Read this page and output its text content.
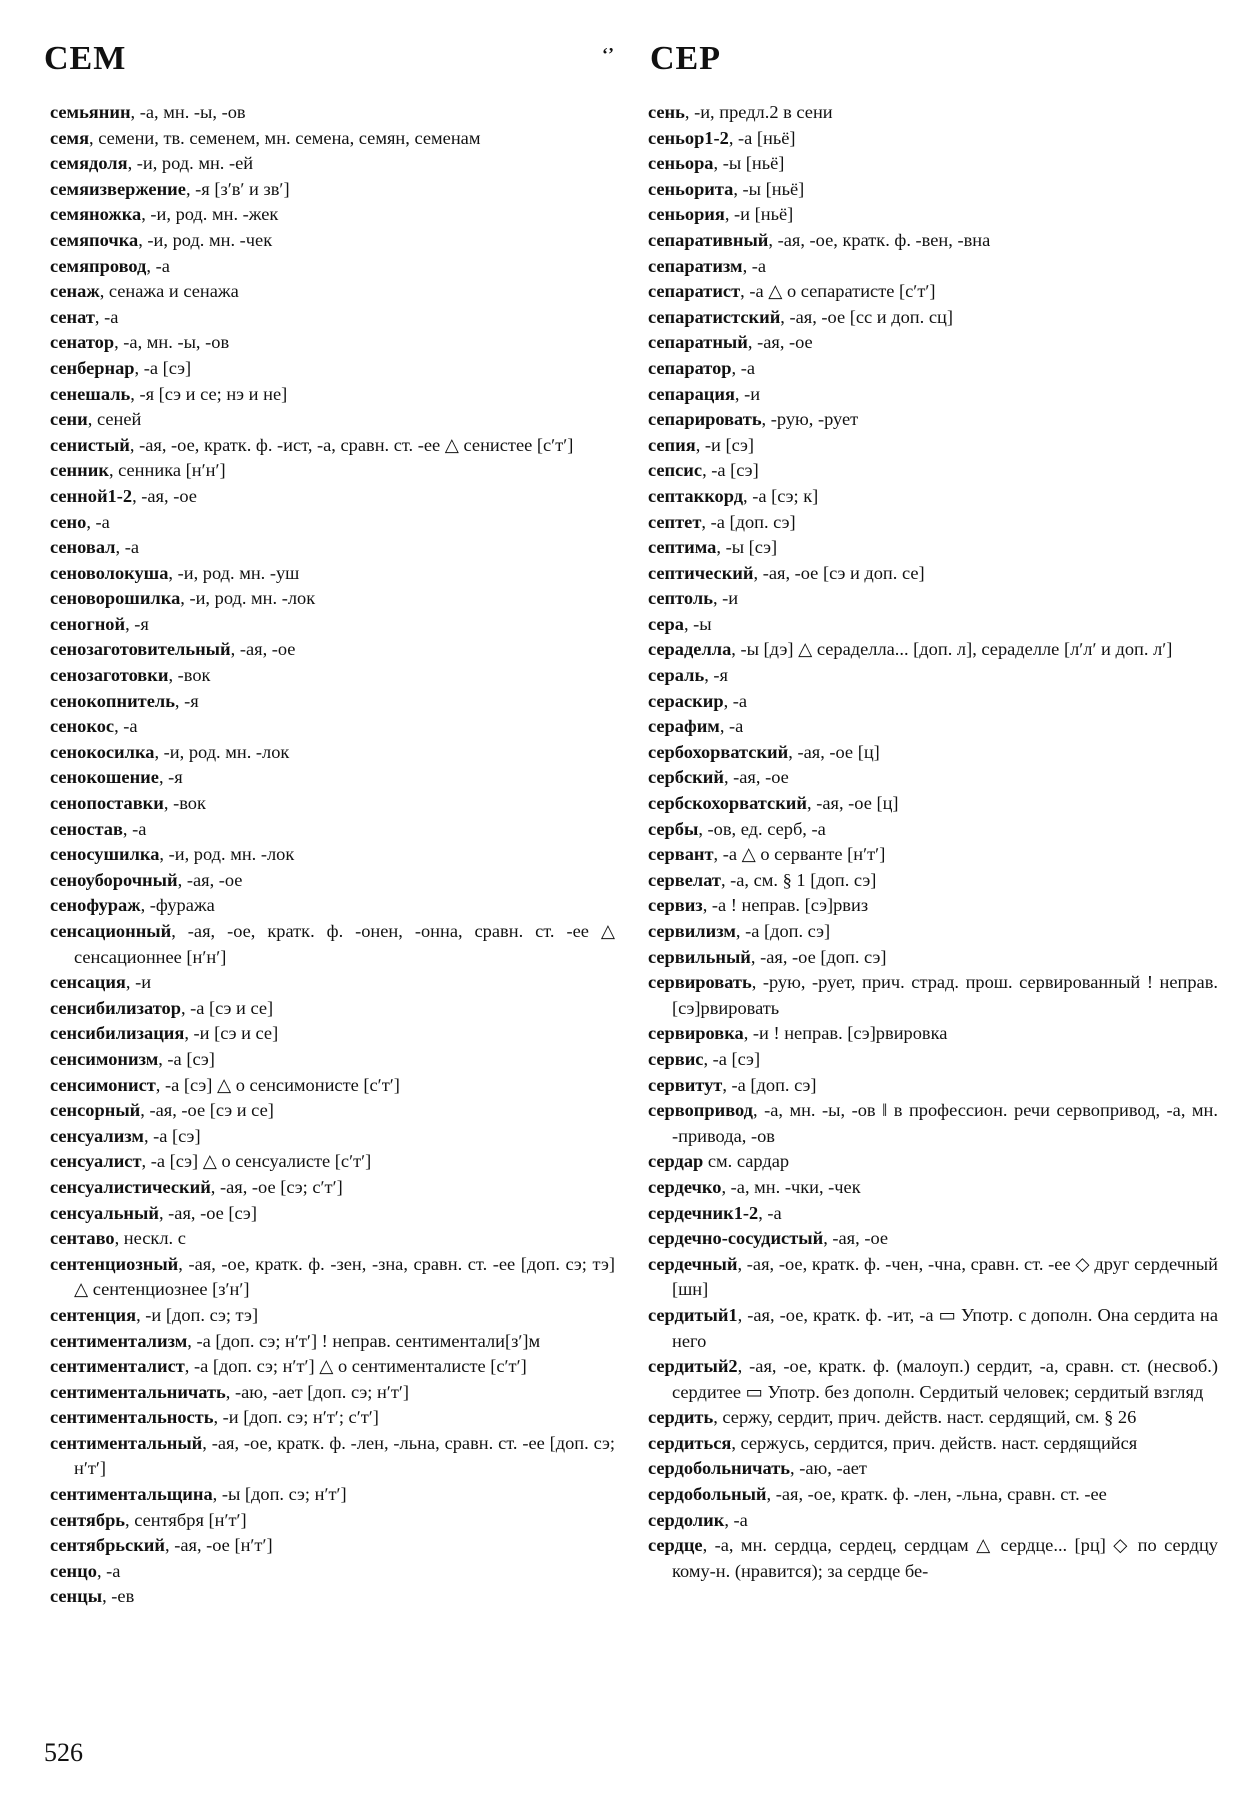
СЕМ	‘’ СЕР

семьянин, -а, мн. -ы, -ов

семя, семени, тв. семенем, мн. семена, семян, семенам

семядоля, -и, род. мн. -ей

семяизвержение, -я [зʹвʹ и звʹ]

семяножка, -и, род. мн. -жек

семяпочка, -и, род. мн. -чек

семяпровод, -а

сенаж, сенажа и сенажа

сенат, -а

сенатор, -а, мн. -ы, -ов

сенбернар, -а [сэ]

сенешаль, -я [сэ и се; нэ и не]

сени, сеней

сенистый, -ая, -ое, кратк. ф. -ист, -а, сравн. ст. -ее △ сенистее [сʹтʹ]

сенник, сенника [нʹнʹ]

сенной1-2, -ая, -ое

сено, -а

сеновал, -а

сеноволокуша, -и, род. мн. -уш

сеноворошилка, -и, род. мн. -лок

сеногной, -я

сенозаготовительный, -ая, -ое

сенозаготовки, -вок

сенокопнитель, -я

сенокос, -а

сенокосилка, -и, род. мн. -лок

сенокошение, -я

сенопоставки, -вок

сеностав, -а

сеносушилка, -и, род. мн. -лок

сеноуборочный, -ая, -ое

сенофураж, -фуража

сенсационный, -ая, -ое, кратк. ф. -онен, -онна, сравн. ст. -ее △ сенсационнее [нʹнʹ]

сенсация, -и

сенсибилизатор, -а [сэ и се]

сенсибилизация, -и [сэ и се]

сенсимонизм, -а [сэ]

сенсимонист, -а [сэ] △ о сенсимонисте [сʹтʹ]

сенсорный, -ая, -ое [сэ и се]

сенсуализм, -а [сэ]

сенсуалист, -а [сэ] △ о сенсуалисте [сʹтʹ]

сенсуалистический, -ая, -ое [сэ; сʹтʹ]

сенсуальный, -ая, -ое [сэ]

сентаво, нескл. с

сентенциозный, -ая, -ое, кратк. ф. -зен, -зна, сравн. ст. -ее [доп. сэ; тэ] △ сентенциознее [зʹнʹ]

сентенция, -и [доп. сэ; тэ]

сентиментализм, -а [доп. сэ; нʹтʹ] ! неправ. сентиментали[зʹ]м

сентименталист, -а [доп. сэ; нʹтʹ] △ о сентименталисте [сʹтʹ]

сентиментальничать, -аю, -ает [доп. сэ; нʹтʹ]

сентиментальность, -и [доп. сэ; нʹтʹ; сʹтʹ]

сентиментальный, -ая, -ое, кратк. ф. -лен, -льна, сравн. ст. -ее [доп. сэ; нʹтʹ]

сентиментальщина, -ы [доп. сэ; нʹтʹ]

сентябрь, сентября [нʹтʹ]

сентябрьский, -ая, -ое [нʹтʹ]

сенцо, -а

сенцы, -ев

сень, -и, предл.2 в сени

сеньор1-2, -а [ньё]

сеньора, -ы [ньё]

сеньорита, -ы [ньё]

сеньория, -и [ньё]

сепаративный, -ая, -ое, кратк. ф. -вен, -вна

сепаратизм, -а

сепаратист, -а △ о сепаратисте [сʹтʹ]

сепаратистский, -ая, -ое [сс и доп. сц]

сепаратный, -ая, -ое

сепаратор, -а

сепарация, -и

сепарировать, -рую, -рует

сепия, -и [сэ]

сепсис, -а [сэ]

септаккорд, -а [сэ; к]

септет, -а [доп. сэ]

септима, -ы [сэ]

септический, -ая, -ое [сэ и доп. се]

септоль, -и

сера, -ы

сераделла, -ы [дэ] △ сераделла... [доп. л], сераделле [лʹлʹ и доп. лʹ]

сераль, -я

сераскир, -а

серафим, -а

сербохорватский, -ая, -ое [ц]

сербский, -ая, -ое

сербскохорватский, -ая, -ое [ц]

сербы, -ов, ед. серб, -а

сервант, -а △ о серванте [нʹтʹ]

сервелат, -а, см. § 1 [доп. сэ]

сервиз, -а ! неправ. [сэ]рвиз

сервилизм, -а [доп. сэ]

сервильный, -ая, -ое [доп. сэ]

сервировать, -рую, -рует, прич. страд. прош. сервированный ! неправ. [сэ]рвировать

сервировка, -и ! неправ. [сэ]рвировка

сервис, -а [сэ]

сервитут, -а [доп. сэ]

сервопривод, -а, мн. -ы, -ов ‖ в профессион. речи сервопривод, -а, мн. -привода, -ов

сердар см. сардар

сердечко, -а, мн. -чки, -чек

сердечник1-2, -а

сердечно-сосудистый, -ая, -ое

сердечный, -ая, -ое, кратк. ф. -чен, -чна, сравн. ст. -ее ◇ друг сердечный [шн]

сердитый1, -ая, -ое, кратк. ф. -ит, -а ▭ Употр. с дополн. Она сердита на него

сердитый2, -ая, -ое, кратк. ф. (малоуп.) сердит, -а, сравн. ст. (несвоб.) сердитее ▭ Употр. без дополн. Сердитый человек; сердитый взгляд

сердить, сержу, сердит, прич. действ. наст. сердящий, см. § 26

сердиться, сержусь, сердится, прич. действ. наст. сердящийся

сердобольничать, -аю, -ает

сердобольный, -ая, -ое, кратк. ф. -лен, -льна, сравн. ст. -ее

сердолик, -а

сердце, -а, мн. сердца, сердец, сердцам △ сердце... [рц] ◇ по сердцу кому-н. (нравится); за сердце бе-

526
